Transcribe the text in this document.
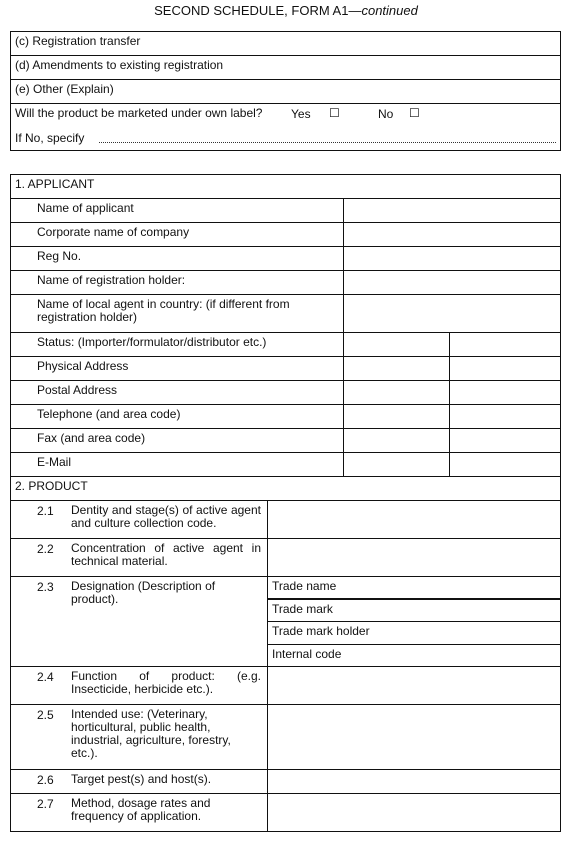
SECOND SCHEDULE, FORM A1—continued
(c) Registration transfer
(d) Amendments to existing registration
(e) Other (Explain)
Will the product be marketed under own label?	Yes ☐	No ☐
If No, specify
1. APPLICANT
Name of applicant
Corporate name of company
Reg No.
Name of registration holder:
Name of local agent in country: (if different from registration holder)
Status: (Importer/formulator/distributor etc.)
Physical Address
Postal Address
Telephone (and area code)
Fax (and area code)
E-Mail
2. PRODUCT
2.1 Dentity and stage(s) of active agent and culture collection code.
2.2 Concentration of active agent in technical material.
2.3 Designation (Description of product).
Trade name
Trade mark
Trade mark holder
Internal code
2.4 Function of product: (e.g. Insecticide, herbicide etc.).
2.5 Intended use: (Veterinary, horticultural, public health, industrial, agriculture, forestry, etc.).
2.6 Target pest(s) and host(s).
2.7 Method, dosage rates and frequency of application.
